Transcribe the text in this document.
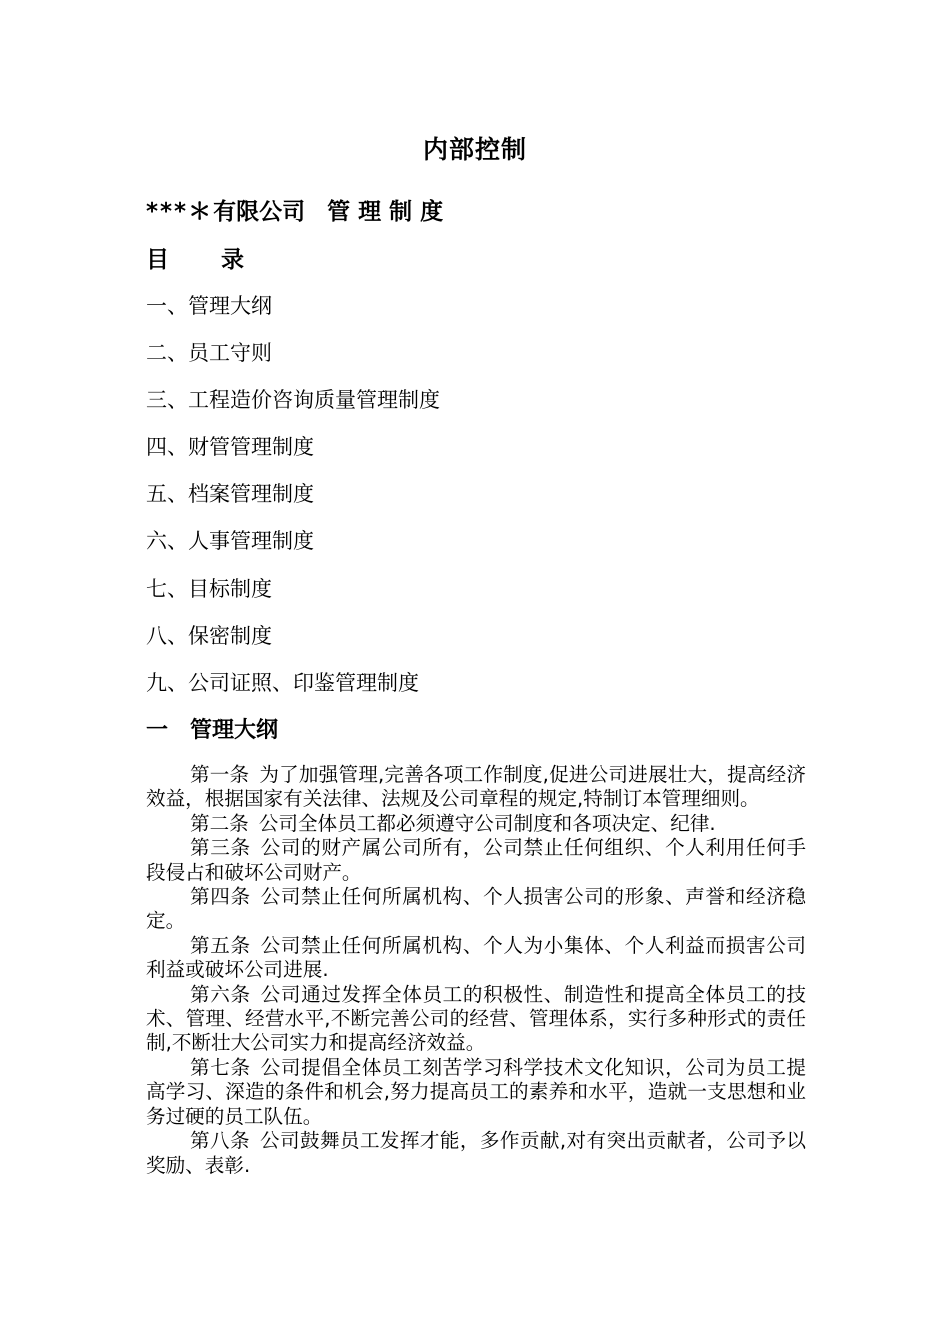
内部控制
***＊有限公司 管理制度
目 录
一、管理大纲
二、员工守则
三、工程造价咨询质量管理制度
四、财管管理制度
五、档案管理制度
六、人事管理制度
七、目标制度
八、保密制度
九、公司证照、印鉴管理制度
一 管理大纲

第一条 为了加强管理,完善各项工作制度,促进公司进展壮大，提高经济效益，根据国家有关法律、法规及公司章程的规定,特制订本管理细则。

第二条 公司全体员工都必须遵守公司制度和各项决定、纪律.

第三条 公司的财产属公司所有，公司禁止任何组织、个人利用任何手段侵占和破坏公司财产。

第四条 公司禁止任何所属机构、个人损害公司的形象、声誉和经济稳定。

第五条 公司禁止任何所属机构、个人为小集体、个人利益而损害公司利益或破坏公司进展.

第六条 公司通过发挥全体员工的积极性、制造性和提高全体员工的技术、管理、经营水平,不断完善公司的经营、管理体系，实行多种形式的责任制,不断壮大公司实力和提高经济效益。

第七条 公司提倡全体员工刻苦学习科学技术文化知识，公司为员工提高学习、深造的条件和机会,努力提高员工的素养和水平，造就一支思想和业务过硬的员工队伍。

第八条 公司鼓舞员工发挥才能，多作贡献,对有突出贡献者，公司予以奖励、表彰.
